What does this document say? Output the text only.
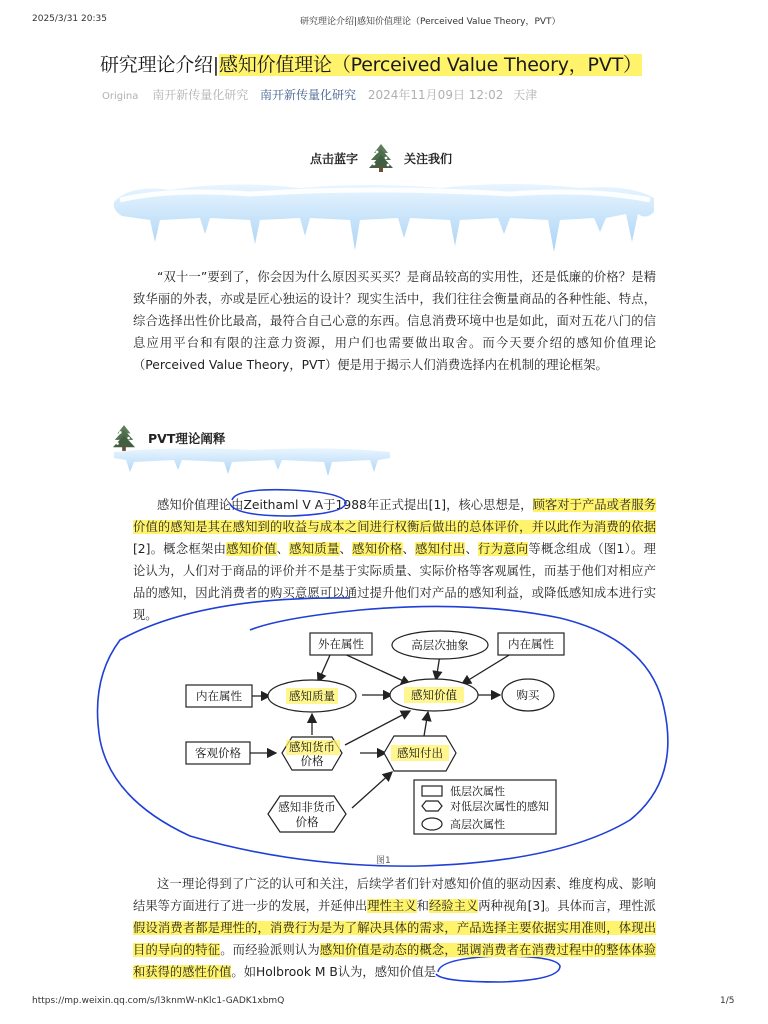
2025/3/31 20:35	研究理论介绍|感知价值理论（Perceived Value Theory，PVT）
研究理论介绍|感知价值理论（Perceived Value Theory，PVT）
Origina 南开新传量化研究 南开新传量化研究 2024年11月09日 12:02 天津
点击蓝字	关注我们

“双十一”要到了，你会因为什么原因买买买？是商品较高的实用性，还是低廉的价格？是精致华丽的外表，亦或是匠心独运的设计？现实生活中，我们往往会衡量商品的各种性能、特点，综合选择出性价比最高，最符合自己心意的东西。信息消费环境中也是如此，面对五花八门的信息应用平台和有限的注意力资源，用户们也需要做出取舍。而今天要介绍的感知价值理论（Perceived Value Theory，PVT）便是用于揭示人们消费选择内在机制的理论框架。

PVT理论阐释

感知价值理论由Zeithaml V A于1988年正式提出[1]，核心思想是，顾客对于产品或者服务价值的感知是其在感知到的收益与成本之间进行权衡后做出的总体评价，并以此作为消费的依据[2]。概念框架由感知价值、感知质量、感知价格、感知付出、行为意向等概念组成（图1）。理论认为，人们对于商品的评价并不是基于实际质量、实际价格等客观属性，而基于他们对相应产品的感知，因此消费者的购买意愿可以通过提升他们对产品的感知利益，或降低感知成本进行实现。

外在属性	高层次抽象	内在属性
内在属性	感知质量	感知价值	购买
客观价格	感知货币
价格
感知付出
感知非货币
价格
低层次属性
对低层次属性的感知
高层次属性
图1

这一理论得到了广泛的认可和关注，后续学者们针对感知价值的驱动因素、维度构成、影响结果等方面进行了进一步的发展，并延伸出理性主义和经验主义两种视角[3]。具体而言，理性派假设消费者都是理性的，消费行为是为了解决具体的需求，产品选择主要依据实用准则，体现出目的导向的特征。而经验派则认为感知价值是动态的概念，强调消费者在消费过程中的整体体验和获得的感性价值。如Holbrook M B认为，感知价值是

https://mp.weixin.qq.com/s/l3knmW-nKlc1-GADK1xbmQ	1/5
